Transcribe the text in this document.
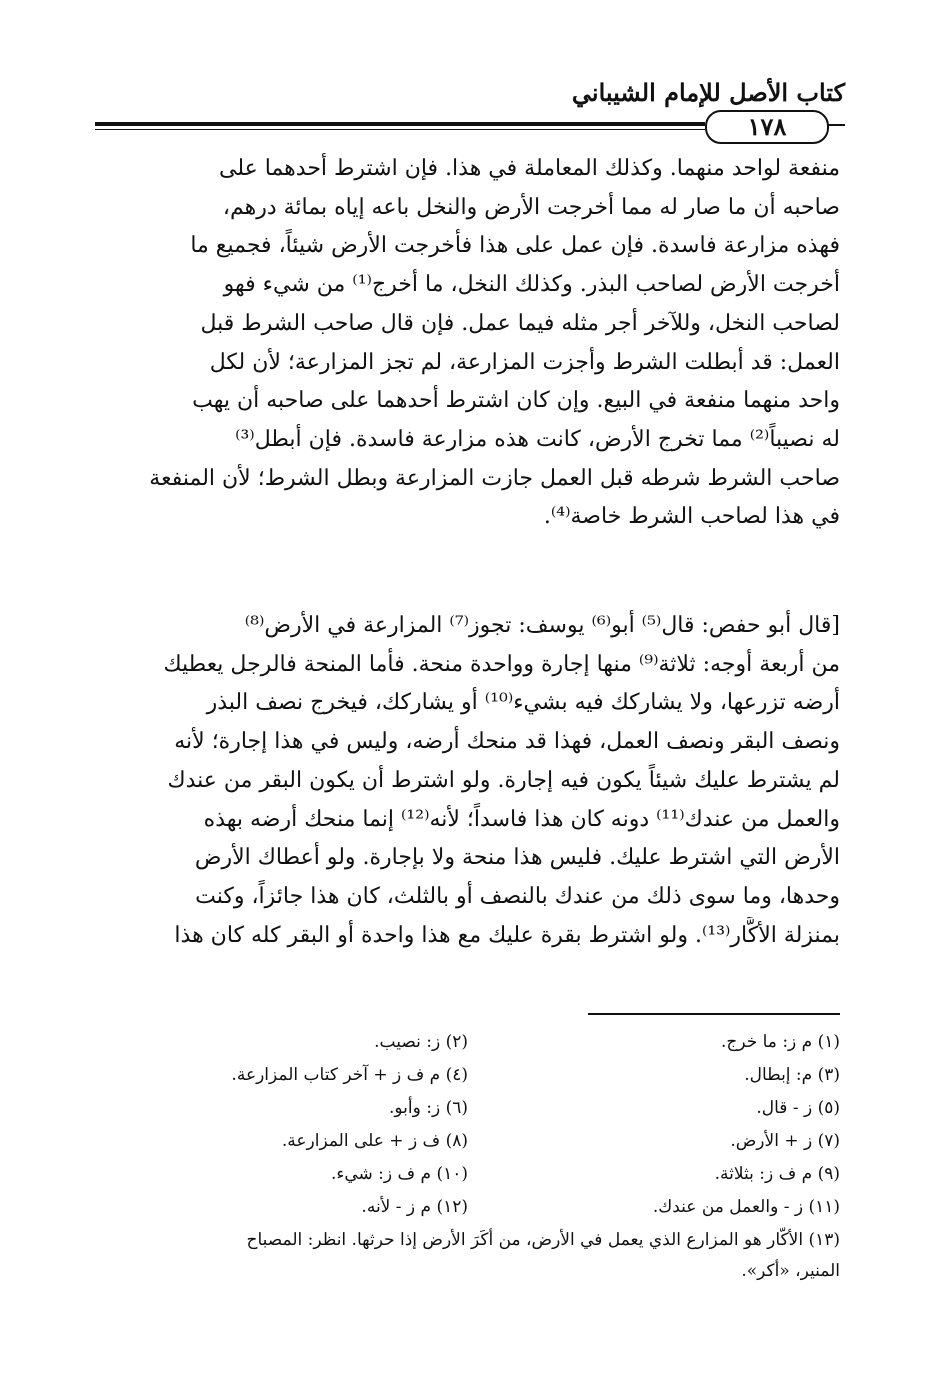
كتاب الأصل للإمام الشيباني
١٧٨
منفعة لواحد منهما. وكذلك المعاملة في هذا. فإن اشترط أحدهما على
صاحبه أن ما صار له مما أخرجت الأرض والنخل باعه إياه بمائة درهم،
فهذه مزارعة فاسدة. فإن عمل على هذا فأخرجت الأرض شيئاً، فجميع ما
أخرجت الأرض لصاحب البذر. وكذلك النخل، ما أخرج⁽¹⁾ من شيء فهو
لصاحب النخل، وللآخر أجر مثله فيما عمل. فإن قال صاحب الشرط قبل
العمل: قد أبطلت الشرط وأجزت المزارعة، لم تجز المزارعة؛ لأن لكل
واحد منهما منفعة في البيع. وإن كان اشترط أحدهما على صاحبه أن يهب
له نصيباً⁽²⁾ مما تخرج الأرض، كانت هذه مزارعة فاسدة. فإن أبطل⁽³⁾
صاحب الشرط شرطه قبل العمل جازت المزارعة وبطل الشرط؛ لأن المنفعة
في هذا لصاحب الشرط خاصة⁽⁴⁾.
[قال أبو حفص: قال⁽⁵⁾ أبو⁽⁶⁾ يوسف: تجوز⁽⁷⁾ المزارعة في الأرض⁽⁸⁾
من أربعة أوجه: ثلاثة⁽⁹⁾ منها إجارة وواحدة منحة. فأما المنحة فالرجل يعطيك
أرضه تزرعها، ولا يشاركك فيه بشيء⁽¹⁰⁾ أو يشاركك، فيخرج نصف البذر
ونصف البقر ونصف العمل، فهذا قد منحك أرضه، وليس في هذا إجارة؛ لأنه
لم يشترط عليك شيئاً يكون فيه إجارة. ولو اشترط أن يكون البقر من عندك
والعمل من عندك⁽¹¹⁾ دونه كان هذا فاسداً؛ لأنه⁽¹²⁾ إنما منحك أرضه بهذه
الأرض التي اشترط عليك. فليس هذا منحة ولا بإجارة. ولو أعطاك الأرض
وحدها، وما سوى ذلك من عندك بالنصف أو بالثلث، كان هذا جائزاً، وكنت
بمنزلة الأكَّار⁽¹³⁾. ولو اشترط بقرة عليك مع هذا واحدة أو البقر كله كان هذا
(١) م ز: ما خرج.
(٢) ز: نصيب.
(٣) م: إبطال.
(٤) م ف ز + آخر كتاب المزارعة.
(٥) ز - قال.
(٦) ز: وأبو.
(٧) ز + الأرض.
(٨) ف ز + على المزارعة.
(٩) م ف ز: بثلاثة.
(١٠) م ف ز: شيء.
(١١) ز - والعمل من عندك.
(١٢) م ز - لأنه.
(١٣) الأكّار هو المزارع الذي يعمل في الأرض، من أكَرَ الأرض إذا حرثها. انظر: المصباح
المنير، «أكر».
